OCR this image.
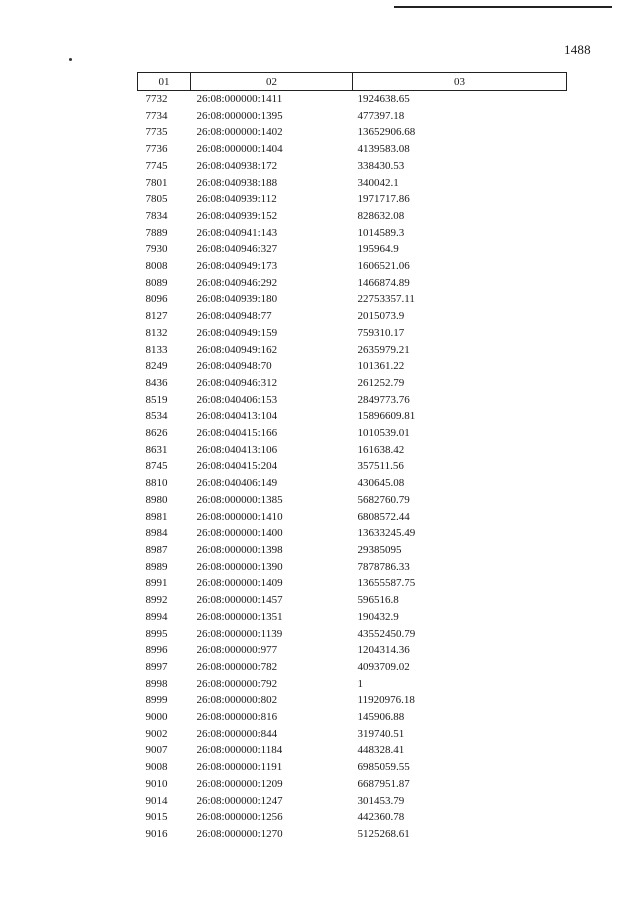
1488
01	02	03
7732	26:08:000000:1411	1924638.65
7734	26:08:000000:1395	477397.18
7735	26:08:000000:1402	13652906.68
7736	26:08:000000:1404	4139583.08
7745	26:08:040938:172	338430.53
7801	26:08:040938:188	340042.1
7805	26:08:040939:112	1971717.86
7834	26:08:040939:152	828632.08
7889	26:08:040941:143	1014589.3
7930	26:08:040946:327	195964.9
8008	26:08:040949:173	1606521.06
8089	26:08:040946:292	1466874.89
8096	26:08:040939:180	22753357.11
8127	26:08:040948:77	2015073.9
8132	26:08:040949:159	759310.17
8133	26:08:040949:162	2635979.21
8249	26:08:040948:70	101361.22
8436	26:08:040946:312	261252.79
8519	26:08:040406:153	2849773.76
8534	26:08:040413:104	15896609.81
8626	26:08:040415:166	1010539.01
8631	26:08:040413:106	161638.42
8745	26:08:040415:204	357511.56
8810	26:08:040406:149	430645.08
8980	26:08:000000:1385	5682760.79
8981	26:08:000000:1410	6808572.44
8984	26:08:000000:1400	13633245.49
8987	26:08:000000:1398	29385095
8989	26:08:000000:1390	7878786.33
8991	26:08:000000:1409	13655587.75
8992	26:08:000000:1457	596516.8
8994	26:08:000000:1351	190432.9
8995	26:08:000000:1139	43552450.79
8996	26:08:000000:977	1204314.36
8997	26:08:000000:782	4093709.02
8998	26:08:000000:792	1
8999	26:08:000000:802	11920976.18
9000	26:08:000000:816	145906.88
9002	26:08:000000:844	319740.51
9007	26:08:000000:1184	448328.41
9008	26:08:000000:1191	6985059.55
9010	26:08:000000:1209	6687951.87
9014	26:08:000000:1247	301453.79
9015	26:08:000000:1256	442360.78
9016	26:08:000000:1270	5125268.61
